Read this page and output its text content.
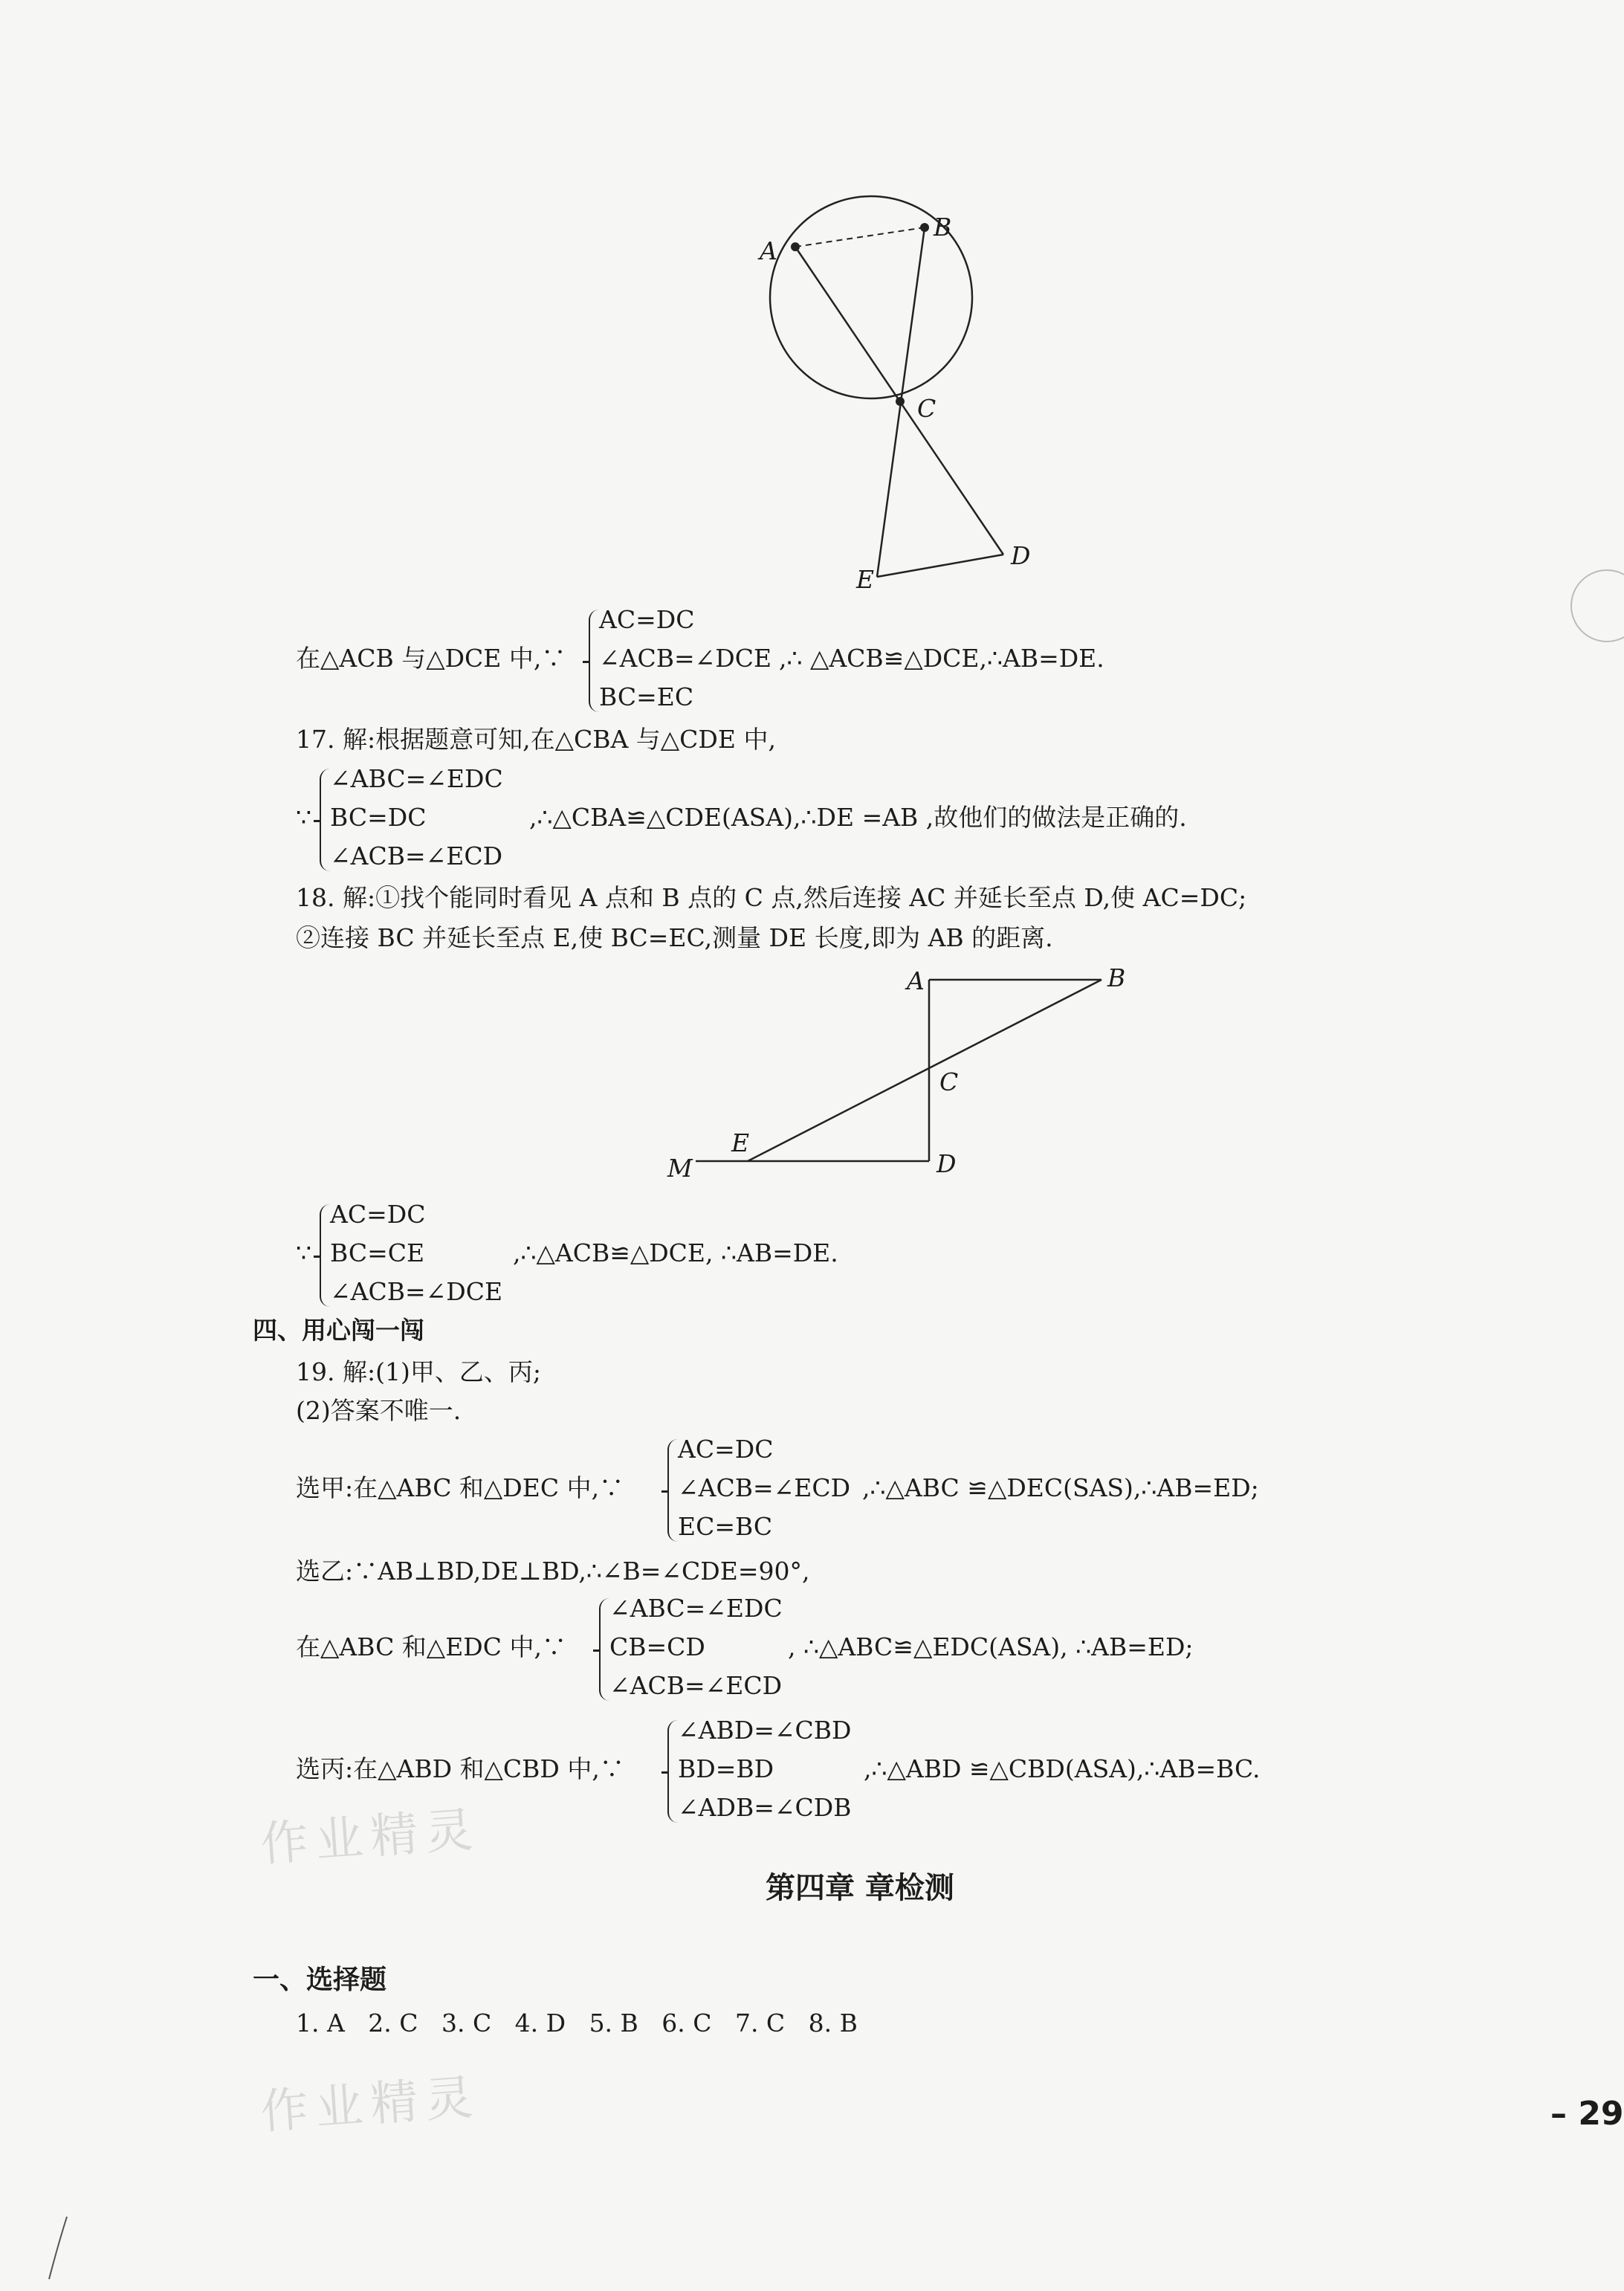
A
B
C
D
E
在△ACB 与△DCE 中,∵
AC=DC
∠ACB=∠DCE
BC=EC
,∴ △ACB≌△DCE,∴AB=DE.
17. 解:根据题意可知,在△CBA 与△CDE 中,
∵
∠ABC=∠EDC
BC=DC
∠ACB=∠ECD
,∴△CBA≌△CDE(ASA),∴DE =AB ,故他们的做法是正确的.
18. 解:①找个能同时看见 A 点和 B 点的 C 点,然后连接 AC 并延长至点 D,使 AC=DC;
②连接 BC 并延长至点 E,使 BC=EC,测量 DE 长度,即为 AB 的距离.
A	B
C
D
E
M
∵
AC=DC
BC=CE
∠ACB=∠DCE
,∴△ACB≌△DCE, ∴AB=DE.
四、用心闯一闯
19. 解:(1)甲、乙、丙;
(2)答案不唯一.
选甲:在△ABC 和△DEC 中,∵
AC=DC
∠ACB=∠ECD
EC=BC
,∴△ABC ≌△DEC(SAS),∴AB=ED;
选乙:∵AB⊥BD,DE⊥BD,∴∠B=∠CDE=90°,
在△ABC 和△EDC 中,∵
∠ABC=∠EDC
CB=CD
∠ACB=∠ECD
, ∴△ABC≌△EDC(ASA), ∴AB=ED;
选丙:在△ABD 和△CBD 中,∵
∠ABD=∠CBD
BD=BD
∠ADB=∠CDB
,∴△ABD ≌△CBD(ASA),∴AB=BC.
作业精灵
作业精灵
第四章 章检测
一、选择题
1. A   2. C   3. C   4. D   5. B   6. C   7. C   8. B
– 29
